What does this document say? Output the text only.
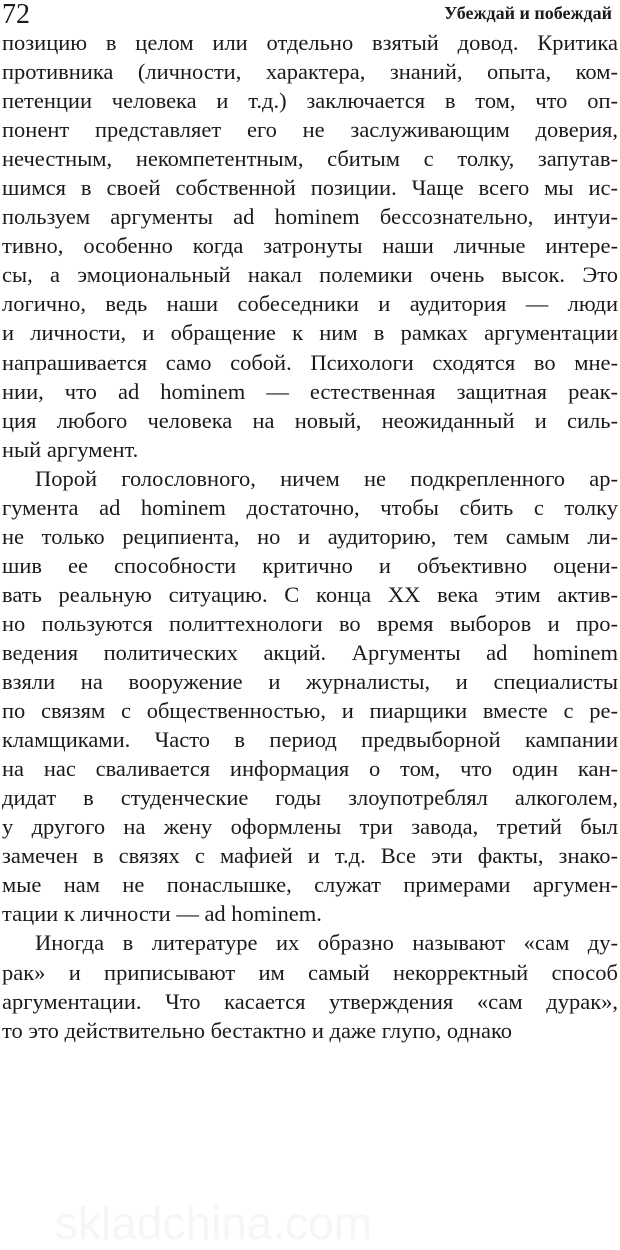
72	Убеждай и побеждай
позицию в целом или отдельно взятый довод. Критика
противника (личности, характера, знаний, опыта, ком-
петенции человека и т.д.) заключается в том, что оп-
понент представляет его не заслуживающим доверия,
нечестным, некомпетентным, сбитым с толку, запутав-
шимся в своей собственной позиции. Чаще всего мы ис-
пользуем аргументы ad hominem бессознательно, интуи-
тивно, особенно когда затронуты наши личные интере-
сы, а эмоциональный накал полемики очень высок. Это
логично, ведь наши собеседники и аудитория — люди
и личности, и обращение к ним в рамках аргументации
напрашивается само собой. Психологи сходятся во мне-
нии, что ad hominem — естественная защитная реак-
ция любого человека на новый, неожиданный и силь-
ный аргумент.
Порой голословного, ничем не подкрепленного ар-
гумента ad hominem достаточно, чтобы сбить с толку
не только реципиента, но и аудиторию, тем самым ли-
шив ее способности критично и объективно оцени-
вать реальную ситуацию. С конца XX века этим актив-
но пользуются политтехнологи во время выборов и про-
ведения политических акций. Аргументы ad hominem
взяли на вооружение и журналисты, и специалисты
по связям с общественностью, и пиарщики вместе с ре-
кламщиками. Часто в период предвыборной кампании
на нас сваливается информация о том, что один кан-
дидат в студенческие годы злоупотреблял алкоголем,
у другого на жену оформлены три завода, третий был
замечен в связях с мафией и т.д. Все эти факты, знако-
мые нам не понаслышке, служат примерами аргумен-
тации к личности — ad hominem.
Иногда в литературе их образно называют «сам ду-
рак» и приписывают им самый некорректный способ
аргументации. Что касается утверждения «сам дурак»,
то это действительно бестактно и даже глупо, однако
skladchina.com
